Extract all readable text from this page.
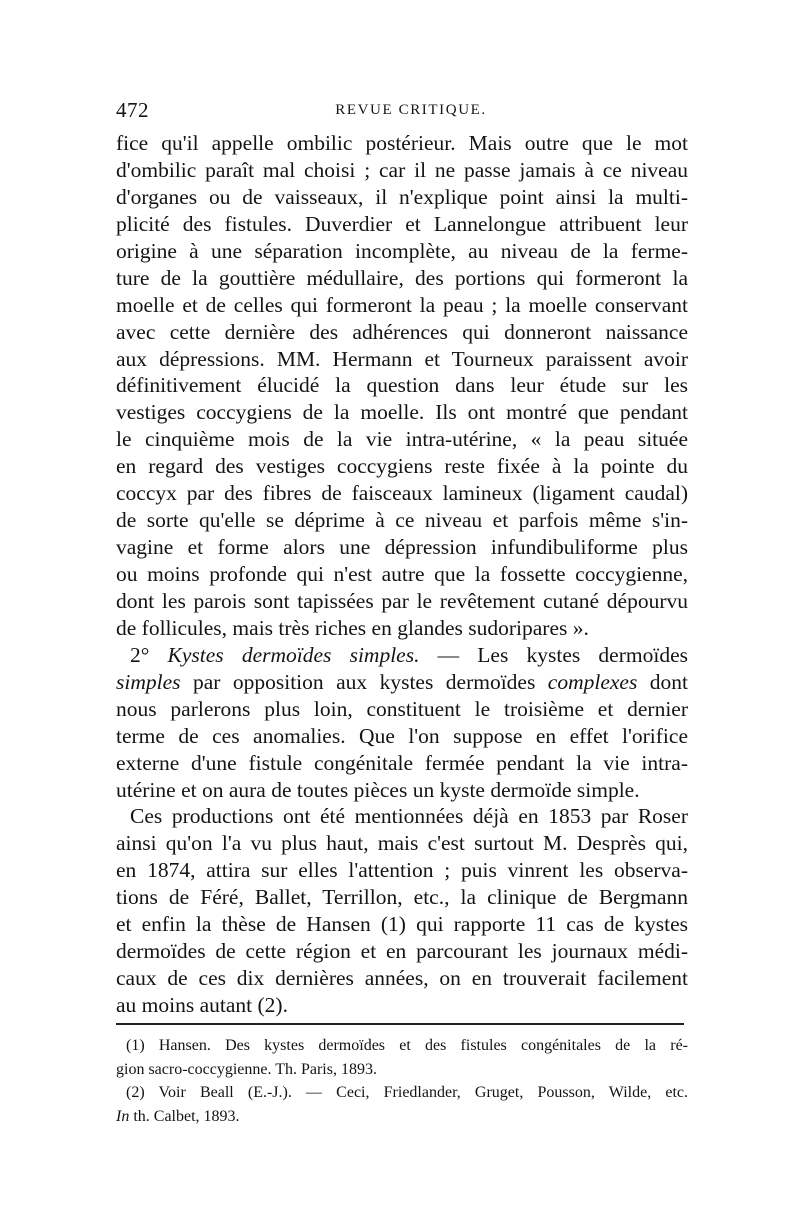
472	REVUE CRITIQUE.
fice qu'il appelle ombilic postérieur. Mais outre que le mot
d'ombilic paraît mal choisi ; car il ne passe jamais à ce niveau
d'organes ou de vaisseaux, il n'explique point ainsi la multi-
plicité des fistules. Duverdier et Lannelongue attribuent leur
origine à une séparation incomplète, au niveau de la ferme-
ture de la gouttière médullaire, des portions qui formeront la
moelle et de celles qui formeront la peau ; la moelle conservant
avec cette dernière des adhérences qui donneront naissance
aux dépressions. MM. Hermann et Tourneux paraissent avoir
définitivement élucidé la question dans leur étude sur les
vestiges coccygiens de la moelle. Ils ont montré que pendant
le cinquième mois de la vie intra-utérine, « la peau située
en regard des vestiges coccygiens reste fixée à la pointe du
coccyx par des fibres de faisceaux lamineux (ligament caudal)
de sorte qu'elle se déprime à ce niveau et parfois même s'in-
vagine et forme alors une dépression infundibuliforme plus
ou moins profonde qui n'est autre que la fossette coccygienne,
dont les parois sont tapissées par le revêtement cutané dépourvu
de follicules, mais très riches en glandes sudoripares ».
2° Kystes dermoïdes simples. — Les kystes dermoïdes
simples par opposition aux kystes dermoïdes complexes dont
nous parlerons plus loin, constituent le troisième et dernier
terme de ces anomalies. Que l'on suppose en effet l'orifice
externe d'une fistule congénitale fermée pendant la vie intra-
utérine et on aura de toutes pièces un kyste dermoïde simple.
Ces productions ont été mentionnées déjà en 1853 par Roser
ainsi qu'on l'a vu plus haut, mais c'est surtout M. Desprès qui,
en 1874, attira sur elles l'attention ; puis vinrent les observa-
tions de Féré, Ballet, Terrillon, etc., la clinique de Bergmann
et enfin la thèse de Hansen (1) qui rapporte 11 cas de kystes
dermoïdes de cette région et en parcourant les journaux médi-
caux de ces dix dernières années, on en trouverait facilement
au moins autant (2).
(1) Hansen. Des kystes dermoïdes et des fistules congénitales de la ré-
gion sacro-coccygienne. Th. Paris, 1893.
(2) Voir Beall (E.-J.). — Ceci, Friedlander, Gruget, Pousson, Wilde, etc.
In th. Calbet, 1893.
